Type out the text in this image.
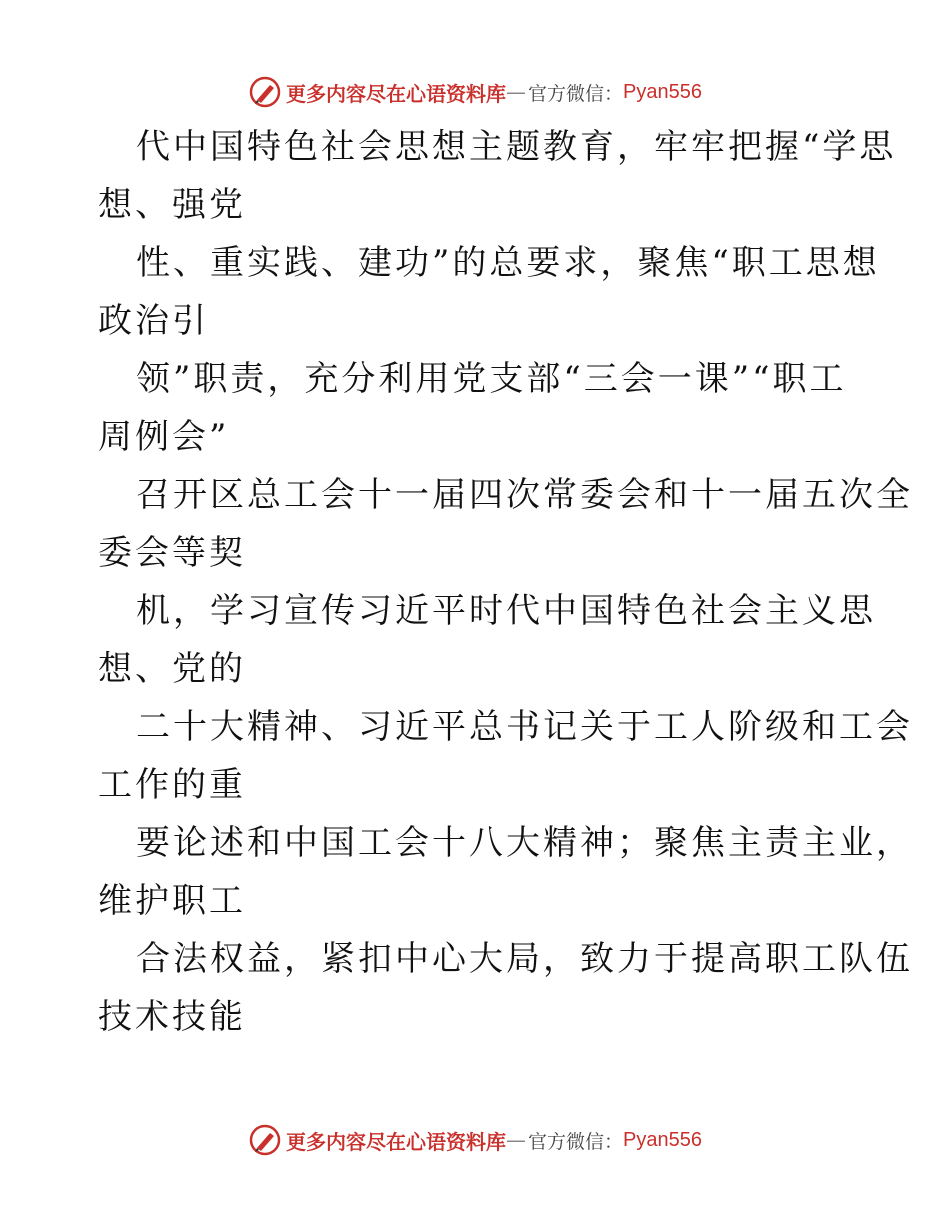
更多内容尽在心语资料库 — 官方微信： Pyan556
代中国特色社会思想主题教育，牢牢把握“学思
想、强党
性、重实践、建功”的总要求，聚焦“职工思想
政治引
领”职责，充分利用党支部“三会一课”“职工
周例会”
召开区总工会十一届四次常委会和十一届五次全
委会等契
机，学习宣传习近平时代中国特色社会主义思
想、党的
二十大精神、习近平总书记关于工人阶级和工会
工作的重
要论述和中国工会十八大精神；聚焦主责主业，
维护职工
合法权益，紧扣中心大局，致力于提高职工队伍
技术技能
更多内容尽在心语资料库 — 官方微信： Pyan556
